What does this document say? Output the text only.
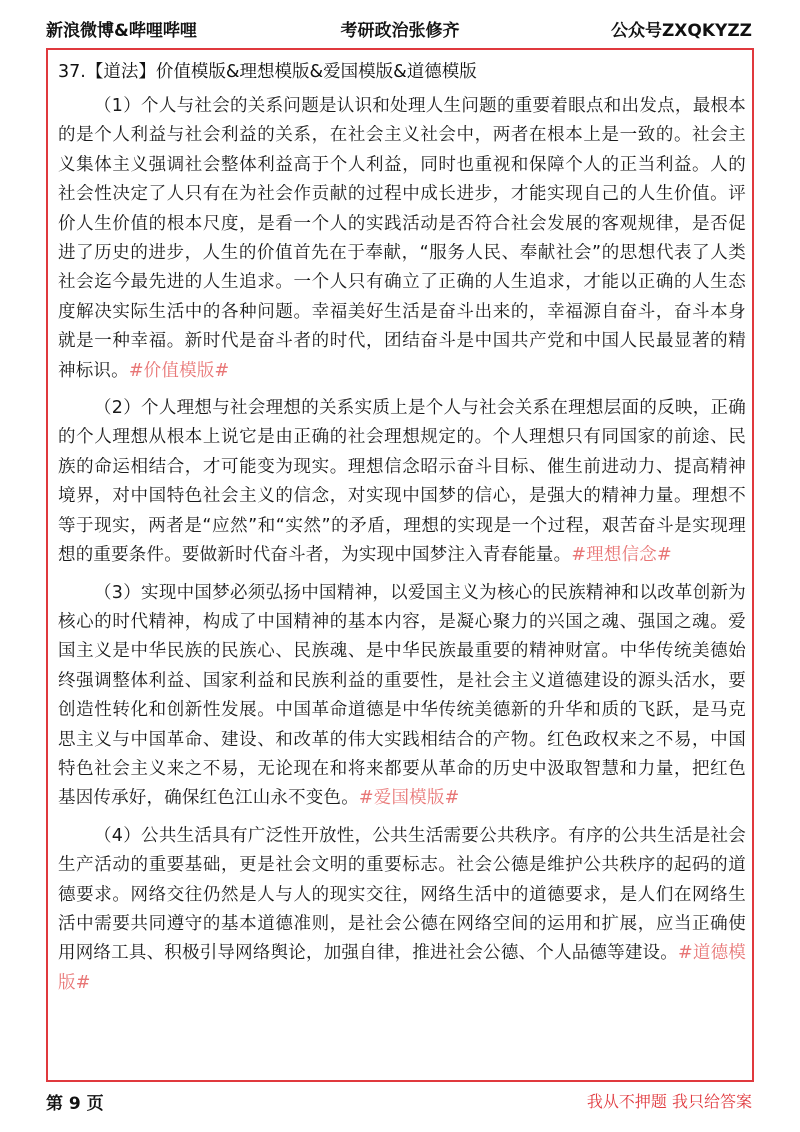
新浪微博&哔哩哔哩	考研政治张修齐	公众号ZXQKYZZ
37.【道法】价值模版&理想模版&爱国模版&道德模版

（1）个人与社会的关系问题是认识和处理人生问题的重要着眼点和出发点，最根本的是个人利益与社会利益的关系，在社会主义社会中，两者在根本上是一致的。社会主义集体主义强调社会整体利益高于个人利益，同时也重视和保障个人的正当利益。人的社会性决定了人只有在为社会作贡献的过程中成长进步，才能实现自己的人生价值。评价人生价值的根本尺度，是看一个人的实践活动是否符合社会发展的客观规律，是否促进了历史的进步，人生的价值首先在于奉献，“服务人民、奉献社会”的思想代表了人类社会迄今最先进的人生追求。一个人只有确立了正确的人生追求，才能以正确的人生态度解决实际生活中的各种问题。幸福美好生活是奋斗出来的，幸福源自奋斗，奋斗本身就是一种幸福。新时代是奋斗者的时代，团结奋斗是中国共产党和中国人民最显著的精神标识。#价值模版#

（2）个人理想与社会理想的关系实质上是个人与社会关系在理想层面的反映，正确的个人理想从根本上说它是由正确的社会理想规定的。个人理想只有同国家的前途、民族的命运相结合，才可能变为现实。理想信念昭示奋斗目标、催生前进动力、提高精神境界，对中国特色社会主义的信念，对实现中国梦的信心，是强大的精神力量。理想不等于现实，两者是“应然”和“实然”的矛盾，理想的实现是一个过程，艰苦奋斗是实现理想的重要条件。要做新时代奋斗者，为实现中国梦注入青春能量。#理想信念#

（3）实现中国梦必须弘扬中国精神，以爱国主义为核心的民族精神和以改革创新为核心的时代精神，构成了中国精神的基本内容，是凝心聚力的兴国之魂、强国之魂。爱国主义是中华民族的民族心、民族魂、是中华民族最重要的精神财富。中华传统美德始终强调整体利益、国家利益和民族利益的重要性，是社会主义道德建设的源头活水，要创造性转化和创新性发展。中国革命道德是中华传统美德新的升华和质的飞跃，是马克思主义与中国革命、建设、和改革的伟大实践相结合的产物。红色政权来之不易，中国特色社会主义来之不易，无论现在和将来都要从革命的历史中汲取智慧和力量，把红色基因传承好，确保红色江山永不变色。#爱国模版#

（4）公共生活具有广泛性开放性，公共生活需要公共秩序。有序的公共生活是社会生产活动的重要基础，更是社会文明的重要标志。社会公德是维护公共秩序的起码的道德要求。网络交往仍然是人与人的现实交往，网络生活中的道德要求，是人们在网络生活中需要共同遵守的基本道德准则，是社会公德在网络空间的运用和扩展，应当正确使用网络工具、积极引导网络舆论，加强自律，推进社会公德、个人品德等建设。#道德模版#

第 9 页	我从不押题 我只给答案
